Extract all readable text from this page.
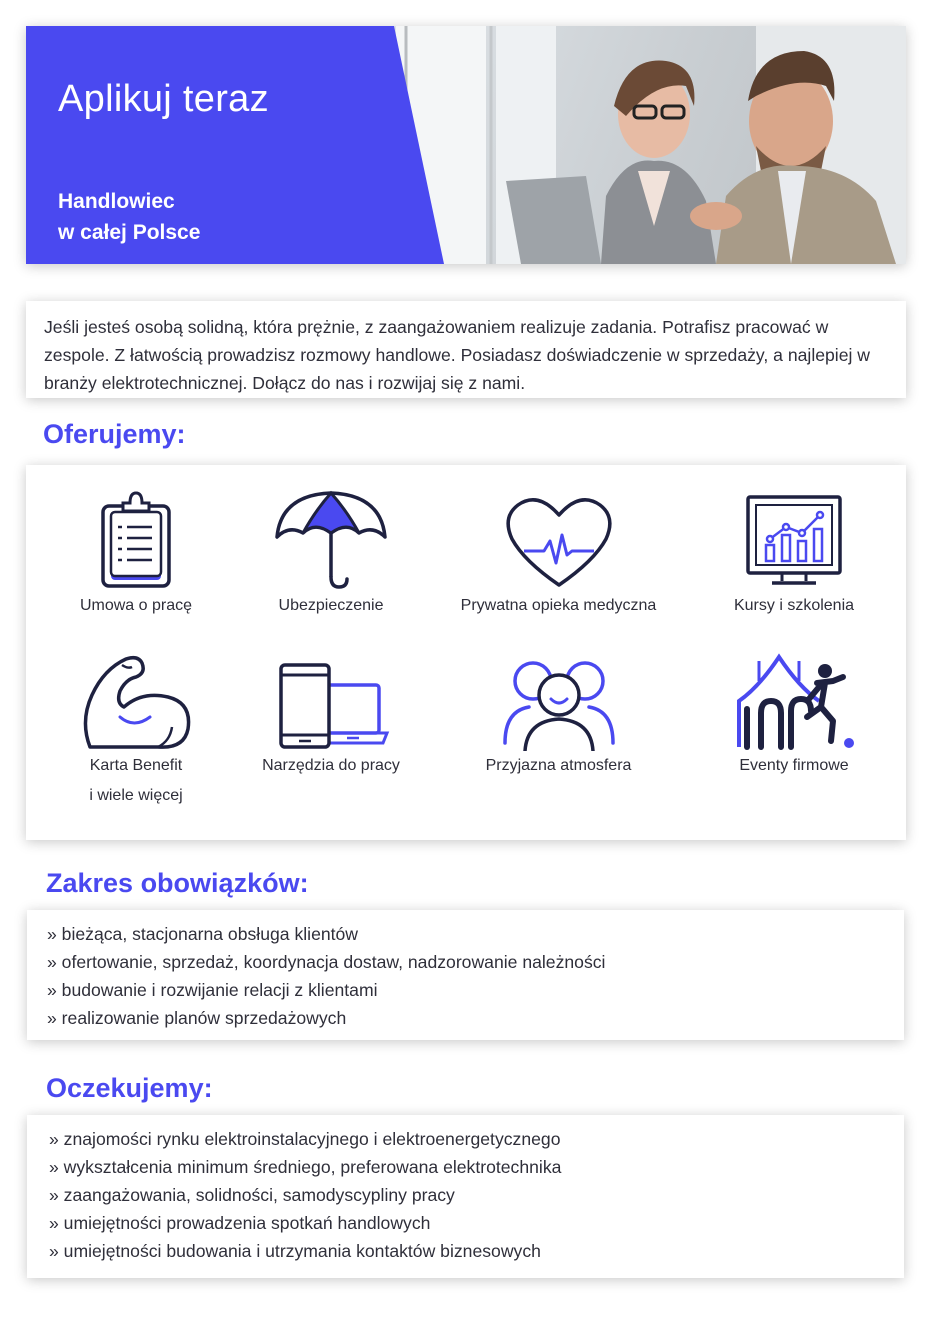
Aplikuj teraz
Handlowiec
w całej Polsce

Jeśli jesteś osobą solidną, która prężnie, z zaangażowaniem realizuje zadania. Potrafisz pracować w zespole. Z łatwością prowadzisz rozmowy handlowe. Posiadasz doświadczenie w sprzedaży, a najlepiej w branży elektrotechnicznej. Dołącz do nas i rozwijaj się z nami.

Oferujemy:
Umowa o pracę	Ubezpieczenie	Prywatna opieka medyczna	Kursy i szkolenia
Karta Benefit
i wiele więcej
Narzędzia do pracy	Przyjazna atmosfera	Eventy firmowe
Zakres obowiązków:
» bieżąca, stacjonarna obsługa klientów
» ofertowanie, sprzedaż, koordynacja dostaw, nadzorowanie należności
» budowanie i rozwijanie relacji z klientami
» realizowanie planów sprzedażowych
Oczekujemy:
» znajomości rynku elektroinstalacyjnego i elektroenergetycznego
» wykształcenia minimum średniego, preferowana elektrotechnika
» zaangażowania, solidności, samodyscypliny pracy
» umiejętności prowadzenia spotkań handlowych
» umiejętności budowania i utrzymania kontaktów biznesowych
